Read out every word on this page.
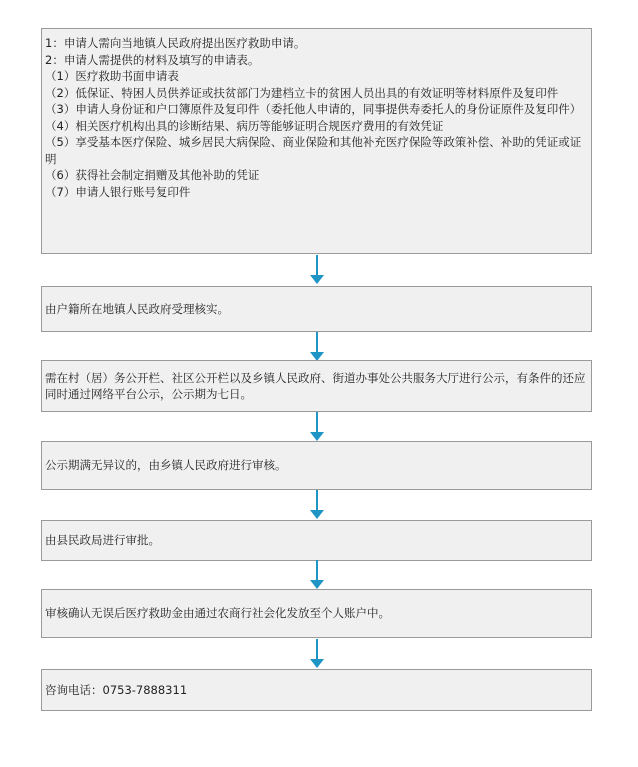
1：申请人需向当地镇人民政府提出医疗救助申请。
2：申请人需提供的材料及填写的申请表。
（1）医疗救助书面申请表
（2）低保证、特困人员供养证或扶贫部门为建档立卡的贫困人员出具的有效证明等材料原件及复印件
（3）申请人身份证和户口簿原件及复印件（委托他人申请的，同事提供寿委托人的身份证原件及复印件）
（4）相关医疗机构出具的诊断结果、病历等能够证明合规医疗费用的有效凭证
（5）享受基本医疗保险、城乡居民大病保险、商业保险和其他补充医疗保险等政策补偿、补助的凭证或证明
（6）获得社会制定捐赠及其他补助的凭证
（7）申请人银行账号复印件
由户籍所在地镇人民政府受理核实。
需在村（居）务公开栏、社区公开栏以及乡镇人民政府、街道办事处公共服务大厅进行公示，有条件的还应同时通过网络平台公示，公示期为七日。
公示期满无异议的，由乡镇人民政府进行审核。
由县民政局进行审批。
审核确认无误后医疗救助金由通过农商行社会化发放至个人账户中。
咨询电话：0753-7888311
